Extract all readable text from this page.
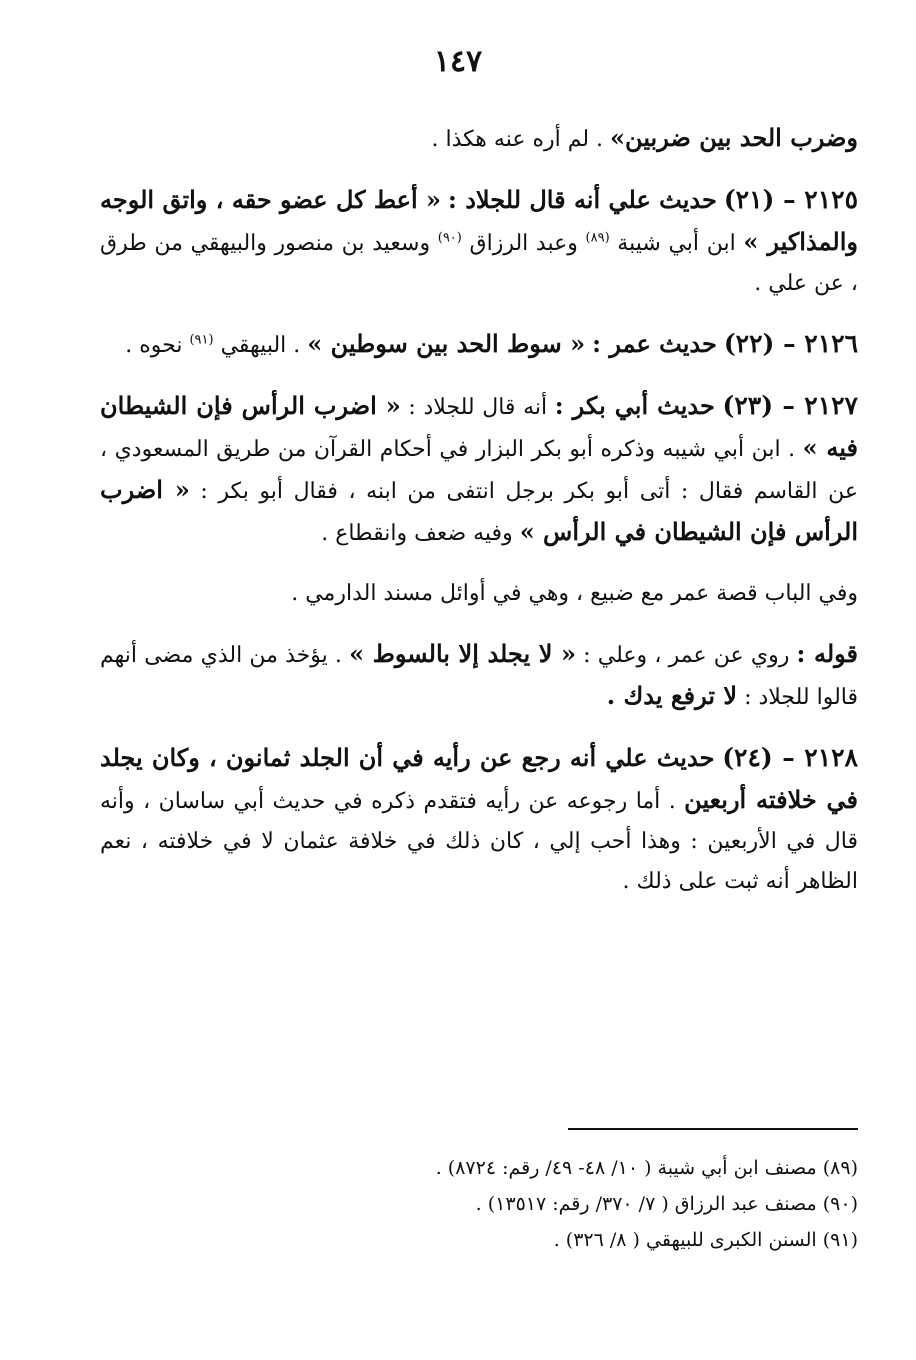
١٤٧

وضرب الحد بين ضربين» . لم أره عنه هكذا .

٢١٢٥ – (٢١) حديث علي أنه قال للجلاد : « أعط كل عضو حقه ، واتق الوجه والمذاكير » ابن أبي شيبة $^{(٨٩)}$ وعبد الرزاق $^{(٩٠)}$ وسعيد بن منصور والبيهقي من طرق ، عن علي .

٢١٢٦ – (٢٢) حديث عمر : « سوط الحد بين سوطين » . البيهقي $^{(٩١)}$ نحوه .

٢١٢٧ – (٢٣) حديث أبي بكر : أنه قال للجلاد : « اضرب الرأس فإن الشيطان فيه » . ابن أبي شيبه وذكره أبو بكر البزار في أحكام القرآن من طريق المسعودي ، عن القاسم فقال : أتى أبو بكر برجل انتفى من ابنه ، فقال أبو بكر : « اضرب الرأس فإن الشيطان في الرأس » وفيه ضعف وانقطاع .

وفي الباب قصة عمر مع ضبيع ، وهي في أوائل مسند الدارمي .

قوله : روي عن عمر ، وعلي : « لا يجلد إلا بالسوط » . يؤخذ من الذي مضى أنهم قالوا للجلاد : لا ترفع يدك .

٢١٢٨ – (٢٤) حديث علي أنه رجع عن رأيه في أن الجلد ثمانون ، وكان يجلد في خلافته أربعين . أما رجوعه عن رأيه فتقدم ذكره في حديث أبي ساسان ، وأنه قال في الأربعين : وهذا أحب إلي ، كان ذلك في خلافة عثمان لا في خلافته ، نعم الظاهر أنه ثبت على ذلك .

(٨٩) مصنف ابن أبي شيبة ( ١٠/ ٤٨- ٤٩/ رقم: ٨٧٢٤) .
(٩٠) مصنف عبد الرزاق ( ٧/ ٣٧٠/ رقم: ١٣٥١٧) .
(٩١) السنن الكبرى للبيهقي ( ٨/ ٣٢٦) .
